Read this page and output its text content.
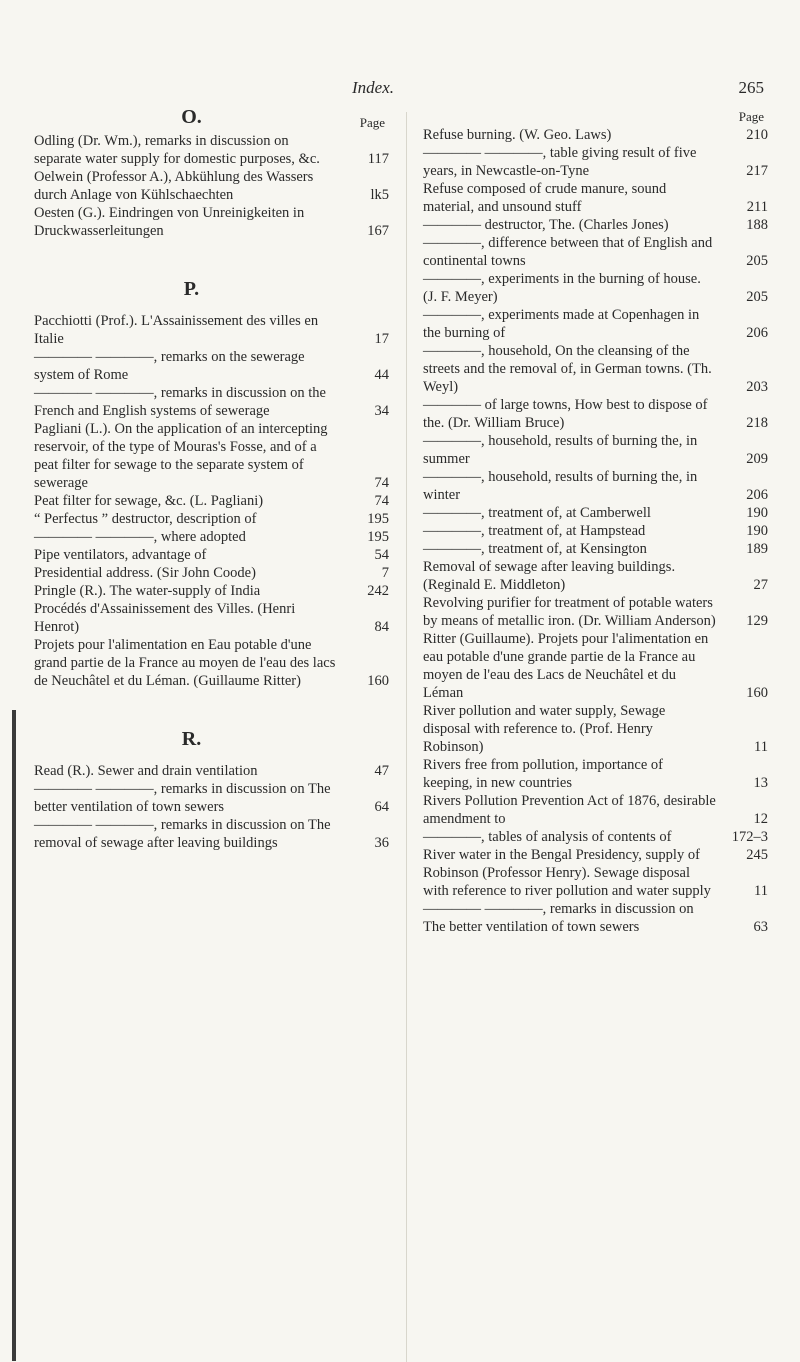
Index.	265
O.	Page
Odling (Dr. Wm.), remarks in discussion on separate water supply for domestic purposes, &c.	117
Oelwein (Professor A.), Abkühlung des Wassers durch Anlage von Kühlschaechten	lk5
Oesten (G.). Eindringen von Unreinigkeiten in Druckwasserleitungen	167
P.
Pacchiotti (Prof.). L'Assainissement des villes en Italie	17
———— ————, remarks on the sewerage system of Rome	44
———— ————, remarks in discussion on the French and English systems of sewerage	34
Pagliani (L.). On the application of an intercepting reservoir, of the type of Mouras's Fosse, and of a peat filter for sewage to the separate system of sewerage	74
Peat filter for sewage, &c. (L. Pagliani)	74
“ Perfectus ” destructor, description of	195
———— ————, where adopted	195
Pipe ventilators, advantage of	54
Presidential address. (Sir John Coode)	7
Pringle (R.). The water-supply of India	242
Procédés d'Assainissement des Villes. (Henri Henrot)	84
Projets pour l'alimentation en Eau potable d'une grand partie de la France au moyen de l'eau des lacs de Neuchâtel et du Léman. (Guillaume Ritter)	160
R.
Read (R.). Sewer and drain ventilation	47
———— ————, remarks in discussion on The better ventilation of town sewers	64
———— ————, remarks in discussion on The removal of sewage after leaving buildings	36
Page
Refuse burning. (W. Geo. Laws)	210
———— ————, table giving result of five years, in Newcastle-on-Tyne	217
Refuse composed of crude manure, sound material, and unsound stuff	211
———— destructor, The. (Charles Jones)	188
————, difference between that of English and continental towns	205
————, experiments in the burning of house. (J. F. Meyer)	205
————, experiments made at Copenhagen in the burning of	206
————, household, On the cleansing of the streets and the removal of, in German towns. (Th. Weyl)	203
———— of large towns, How best to dispose of the. (Dr. William Bruce)	218
————, household, results of burning the, in summer	209
————, household, results of burning the, in winter	206
————, treatment of, at Camberwell	190
————, treatment of, at Hampstead	190
————, treatment of, at Kensington	189
Removal of sewage after leaving buildings. (Reginald E. Middleton)	27
Revolving purifier for treatment of potable waters by means of metallic iron. (Dr. William Anderson)	129
Ritter (Guillaume). Projets pour l'alimentation en eau potable d'une grande partie de la France au moyen de l'eau des Lacs de Neuchâtel et du Léman	160
River pollution and water supply, Sewage disposal with reference to. (Prof. Henry Robinson)	11
Rivers free from pollution, importance of keeping, in new countries	13
Rivers Pollution Prevention Act of 1876, desirable amendment to	12
————, tables of analysis of contents of	172–3
River water in the Bengal Presidency, supply of	245
Robinson (Professor Henry). Sewage disposal with reference to river pollution and water supply	11
———— ————, remarks in discussion on The better ventilation of town sewers	63
